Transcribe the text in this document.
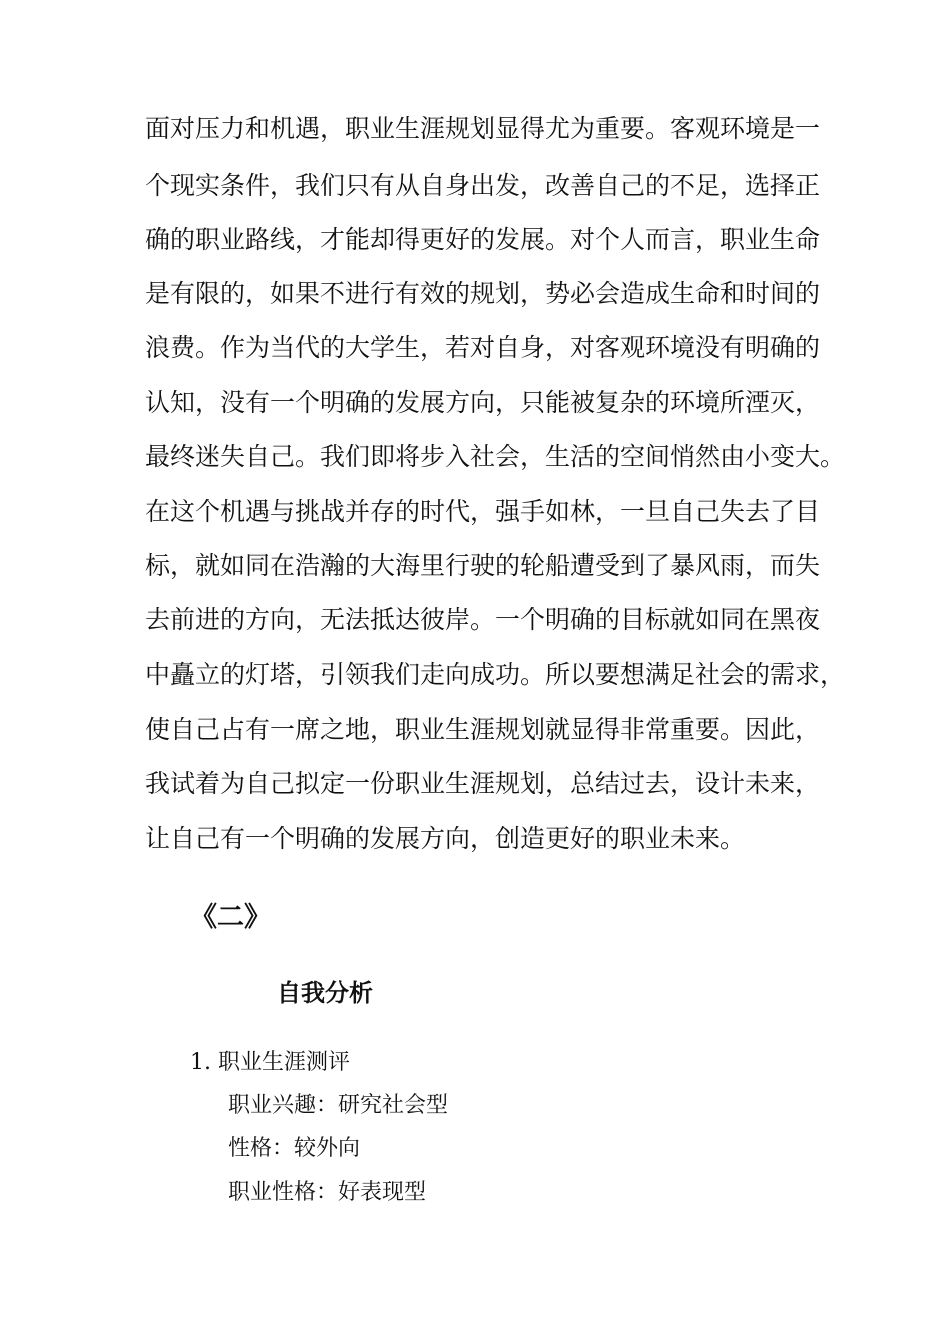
面对压力和机遇，职业生涯规划显得尤为重要。客观环境是一
个现实条件，我们只有从自身出发，改善自己的不足，选择正
确的职业路线，才能却得更好的发展。对个人而言，职业生命
是有限的，如果不进行有效的规划，势必会造成生命和时间的
浪费。作为当代的大学生，若对自身，对客观环境没有明确的
认知，没有一个明确的发展方向，只能被复杂的环境所湮灭，
最终迷失自己。我们即将步入社会，生活的空间悄然由小变大。
在这个机遇与挑战并存的时代，强手如林，一旦自己失去了目
标，就如同在浩瀚的大海里行驶的轮船遭受到了暴风雨，而失
去前进的方向，无法抵达彼岸。一个明确的目标就如同在黑夜
中矗立的灯塔，引领我们走向成功。所以要想满足社会的需求，
使自己占有一席之地，职业生涯规划就显得非常重要。因此，
我试着为自己拟定一份职业生涯规划，总结过去，设计未来，
让自己有一个明确的发展方向，创造更好的职业未来。
《二》
自我分析
1. 职业生涯测评
职业兴趣：研究社会型
性格：较外向
职业性格：好表现型
